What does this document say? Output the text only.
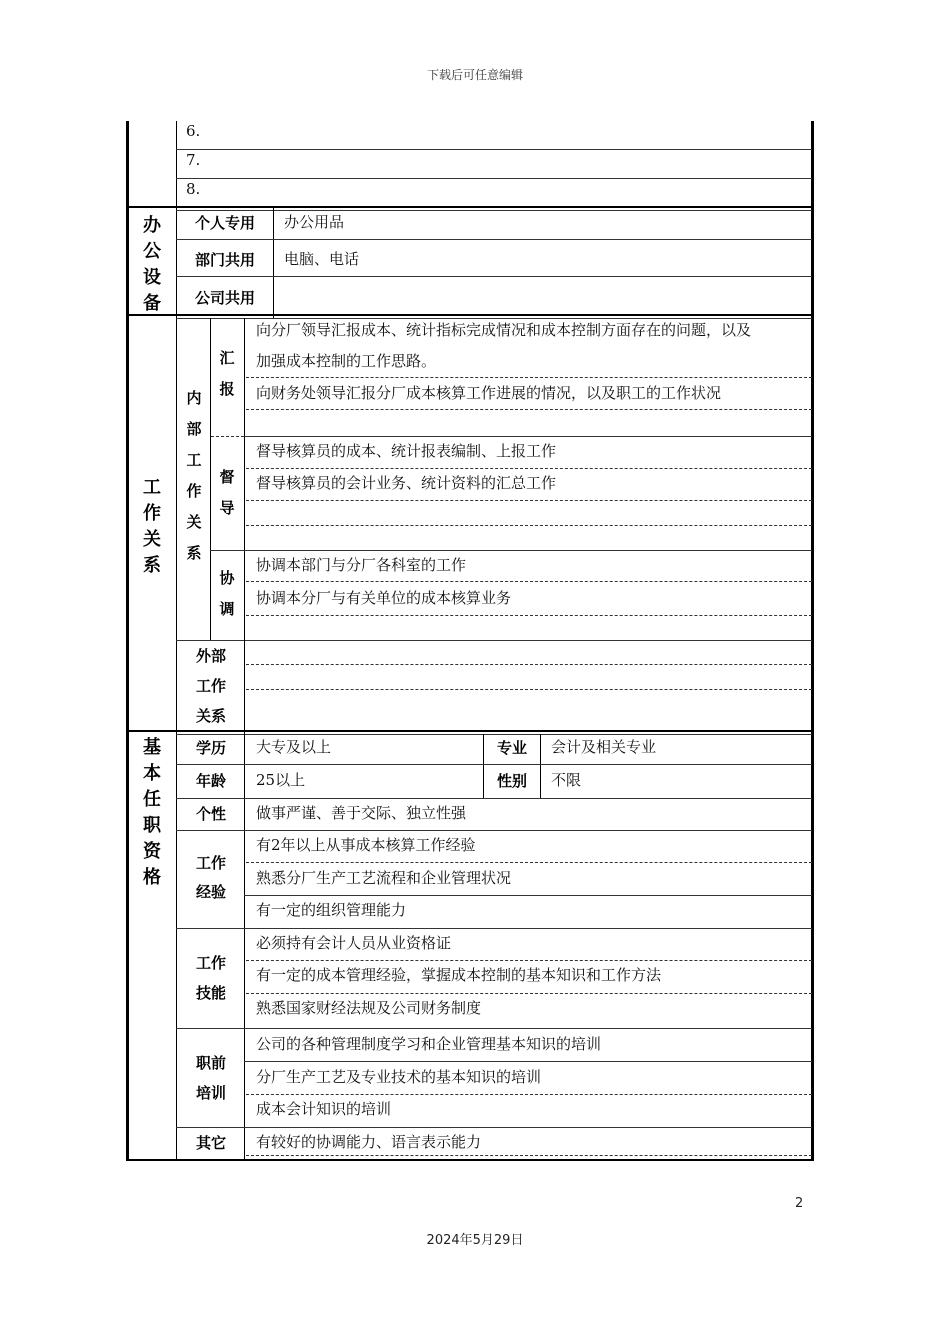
下载后可任意编辑
6.
7.
8.
办公设备
个人专用	办公用品
部门共用	电脑、电话
公司共用
工作关系
内部工作关系
汇报
向分厂领导汇报成本、统计指标完成情况和成本控制方面存在的问题，以及
加强成本控制的工作思路。
向财务处领导汇报分厂成本核算工作进展的情况，以及职工的工作状况
督导
督导核算员的成本、统计报表编制、上报工作
督导核算员的会计业务、统计资料的汇总工作
协调
协调本部门与分厂各科室的工作
协调本分厂与有关单位的成本核算业务
外部
工作
关系
基本任职资格
学历	大专及以上	专业	会计及相关专业
年龄	25以上	性别	不限
个性	做事严谨、善于交际、独立性强
工作
经验
有2年以上从事成本核算工作经验
熟悉分厂生产工艺流程和企业管理状况
有一定的组织管理能力
工作
技能
必须持有会计人员从业资格证
有一定的成本管理经验，掌握成本控制的基本知识和工作方法
熟悉国家财经法规及公司财务制度
职前
培训
公司的各种管理制度学习和企业管理基本知识的培训
分厂生产工艺及专业技术的基本知识的培训
成本会计知识的培训
其它	有较好的协调能力、语言表示能力
2
2024年5月29日
